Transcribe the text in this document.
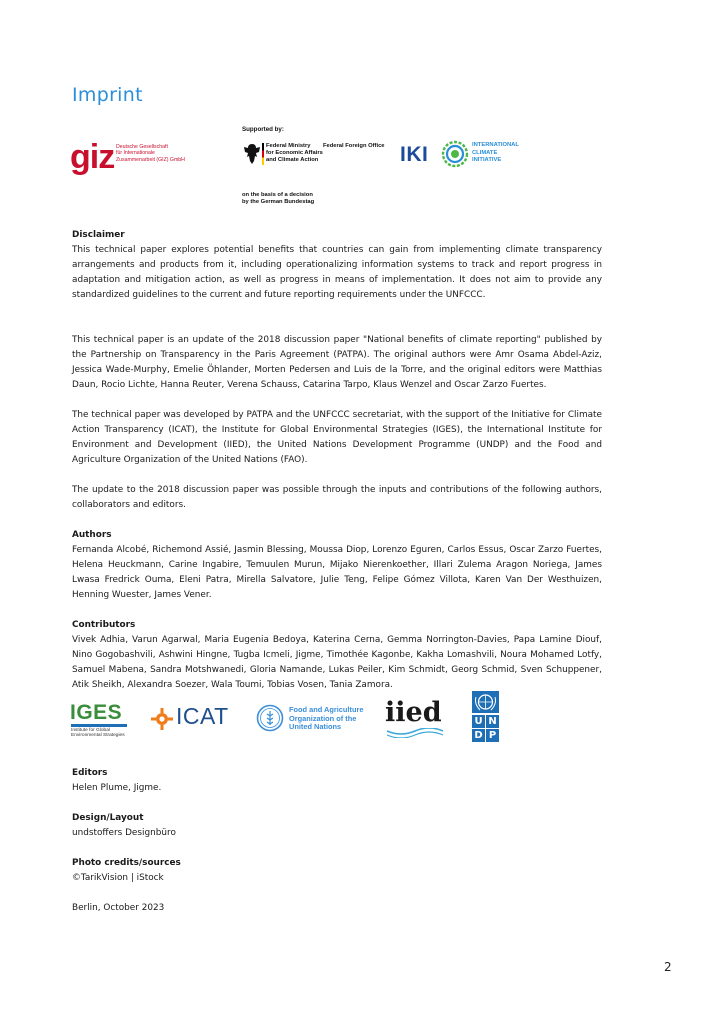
Imprint
giz Deutsche Gesellschaft
für Internationale
Zusammenarbeit (GIZ) GmbH
Supported by:
Federal Ministry
for Economic Affairs
and Climate Action
Federal Foreign Office
on the basis of a decision
by the German Bundestag
IKI	INTERNATIONAL
CLIMATE
INITIATIVE
Disclaimer

This technical paper explores potential benefits that countries can gain from implementing climate transparency arrangements and products from it, including operationalizing information systems to track and report progress in adaptation and mitigation action, as well as progress in means of implementation. It does not aim to provide any standardized guidelines to the current and future reporting requirements under the UNFCCC.

This technical paper is an update of the 2018 discussion paper "National benefits of climate reporting" published by the Partnership on Transparency in the Paris Agreement (PATPA). The original authors were Amr Osama Abdel-Aziz, Jessica Wade-Murphy, Emelie Öhlander, Morten Pedersen and Luis de la Torre, and the original editors were Matthias Daun, Rocio Lichte, Hanna Reuter, Verena Schauss, Catarina Tarpo, Klaus Wenzel and Oscar Zarzo Fuertes.

The technical paper was developed by PATPA and the UNFCCC secretariat, with the support of the Initiative for Climate Action Transparency (ICAT), the Institute for Global Environmental Strategies (IGES), the International Institute for Environment and Development (IIED), the United Nations Development Programme (UNDP) and the Food and Agriculture Organization of the United Nations (FAO).

The update to the 2018 discussion paper was possible through the inputs and contributions of the following authors, collaborators and editors.

Authors

Fernanda Alcobé, Richemond Assié, Jasmin Blessing, Moussa Diop, Lorenzo Eguren, Carlos Essus, Oscar Zarzo Fuertes, Helena Heuckmann, Carine Ingabire, Temuulen Murun, Mijako Nierenkoether, Illari Zulema Aragon Noriega, James Lwasa Fredrick Ouma, Eleni Patra, Mirella Salvatore, Julie Teng, Felipe Gómez Villota, Karen Van Der Westhuizen, Henning Wuester, James Vener.

Contributors

Vivek Adhia, Varun Agarwal, Maria Eugenia Bedoya, Katerina Cerna, Gemma Norrington-Davies, Papa Lamine Diouf, Nino Gogobashvili, Ashwini Hingne, Tugba Icmeli, Jigme, Timothée Kagonbe, Kakha Lomashvili, Noura Mohamed Lotfy, Samuel Mabena, Sandra Motshwanedi, Gloria Namande, Lukas Peiler, Kim Schmidt, Georg Schmid, Sven Schuppener, Atik Sheikh, Alexandra Soezer, Wala Toumi, Tobias Vosen, Tania Zamora.

IGES
Institute for Global
Environmental Strategies
ICAT	Food and Agriculture
Organization of the
United Nations	iied	U N
D P
Editors

Helen Plume, Jigme.

Design/Layout

undstoffers Designbüro

Photo credits/sources

©TarikVision | iStock

Berlin, October 2023

2
